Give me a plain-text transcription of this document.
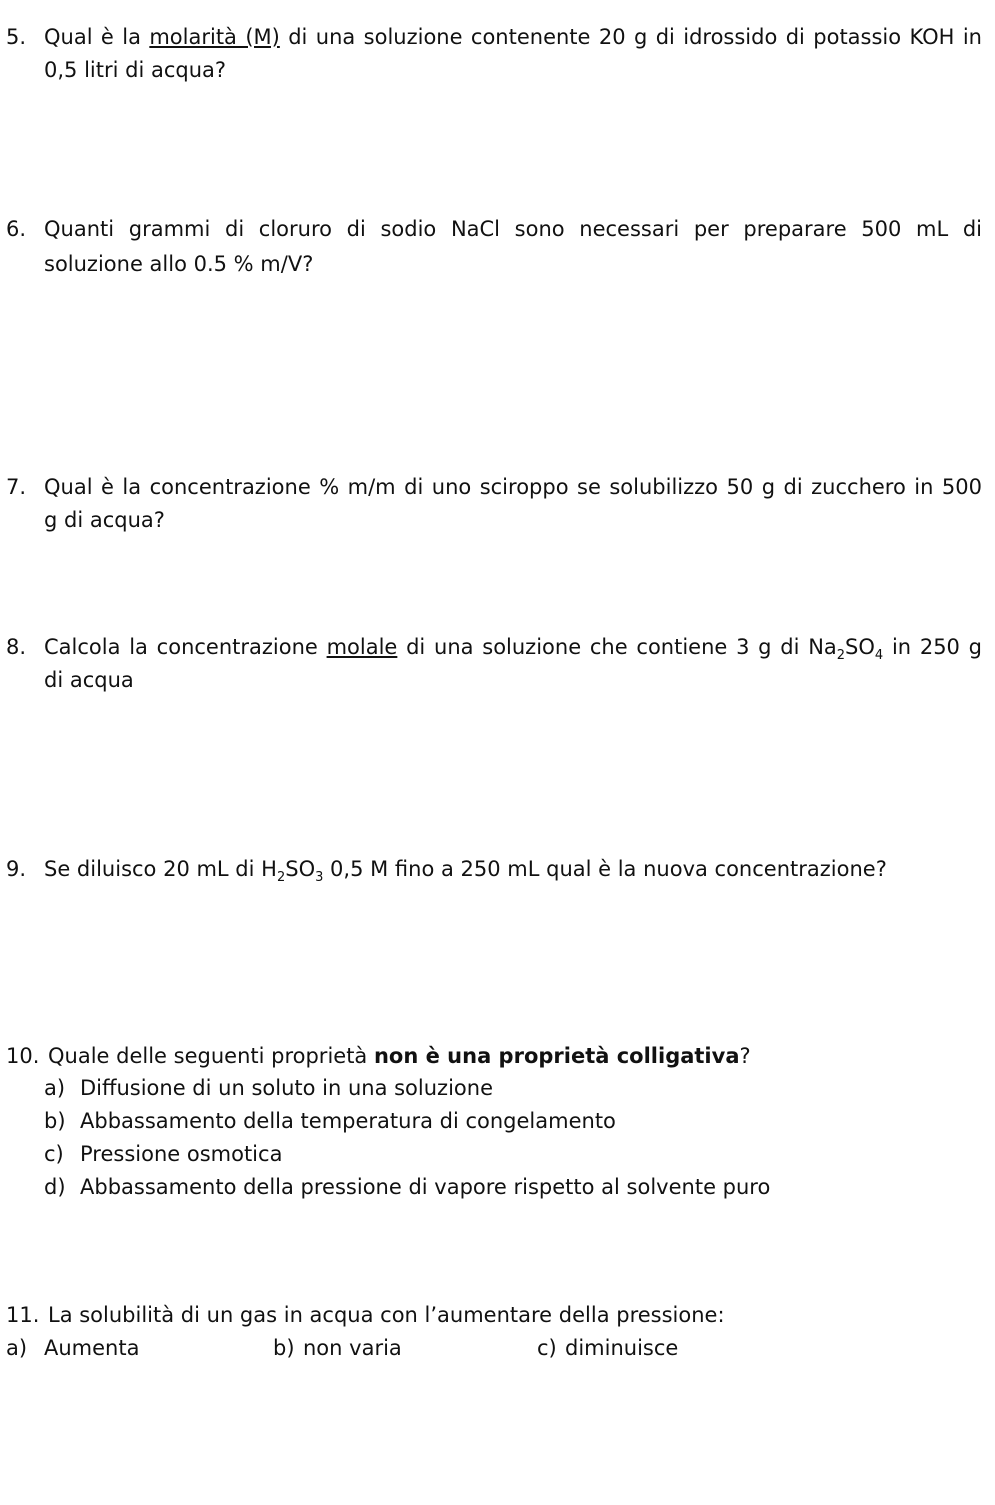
5. Qual è la molarità (M) di una soluzione contenente 20 g di idrossido di potassio KOH in
0,5 litri di acqua?
6. Quanti grammi di cloruro di sodio NaCl sono necessari per preparare 500 mL di
soluzione allo 0.5 % m/V?
7. Qual è la concentrazione % m/m di uno sciroppo se solubilizzo 50 g di zucchero in 500
g di acqua?
8. Calcola la concentrazione molale di una soluzione che contiene 3 g di $Na_2SO_4$ in 250 g
di acqua
9. Se diluisco 20 mL di $H_2SO_3$ 0,5 M fino a 250 mL qual è la nuova concentrazione?
10. Quale delle seguenti proprietà non è una proprietà colligativa?
a) Diffusione di un soluto in una soluzione
b) Abbassamento della temperatura di congelamento
c) Pressione osmotica
d) Abbassamento della pressione di vapore rispetto al solvente puro
11. La solubilità di un gas in acqua con l’aumentare della pressione:
a) Aumenta	b) non varia	c) diminuisce
